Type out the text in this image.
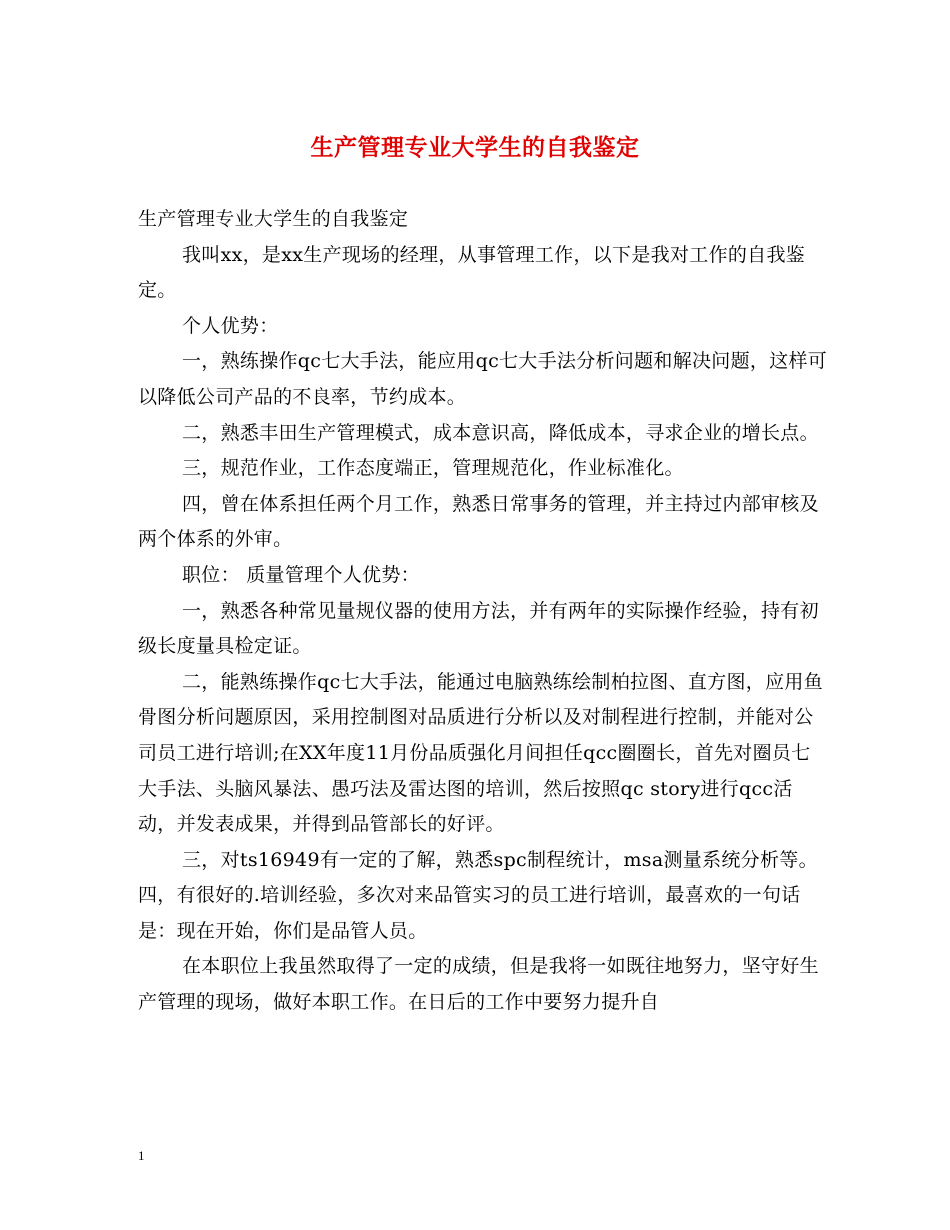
生产管理专业大学生的自我鉴定

生产管理专业大学生的自我鉴定

我叫xx，是xx生产现场的经理，从事管理工作，以下是我对工作的自我鉴定。

个人优势：

一，熟练操作qc七大手法，能应用qc七大手法分析问题和解决问题，这样可以降低公司产品的不良率，节约成本。

二，熟悉丰田生产管理模式，成本意识高，降低成本，寻求企业的增长点。

三，规范作业，工作态度端正，管理规范化，作业标准化。

四，曾在体系担任两个月工作，熟悉日常事务的管理，并主持过内部审核及两个体系的外审。

职位： 质量管理个人优势：

一，熟悉各种常见量规仪器的使用方法，并有两年的实际操作经验，持有初级长度量具检定证。

二，能熟练操作qc七大手法，能通过电脑熟练绘制柏拉图、直方图，应用鱼骨图分析问题原因，采用控制图对品质进行分析以及对制程进行控制，并能对公司员工进行培训;在XX年度11月份品质强化月间担任qcc圈圈长，首先对圈员七大手法、头脑风暴法、愚巧法及雷达图的培训，然后按照qc story进行qcc活动，并发表成果，并得到品管部长的好评。

三，对ts16949有一定的了解，熟悉spc制程统计，msa测量系统分析等。四，有很好的.培训经验，多次对来品管实习的员工进行培训，最喜欢的一句话是：现在开始，你们是品管人员。

在本职位上我虽然取得了一定的成绩，但是我将一如既往地努力，坚守好生产管理的现场，做好本职工作。在日后的工作中要努力提升自

1
